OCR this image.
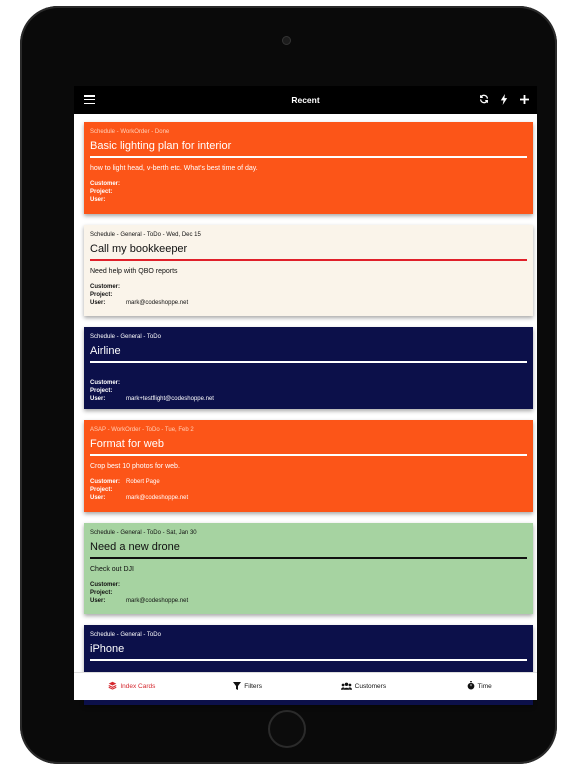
Recent
Schedule - WorkOrder - Done
Basic lighting plan for interior
how to light head, v-berth etc. What's best time of day.
Customer:
Project:
User:
Schedule - General - ToDo - Wed, Dec 15
Call my bookkeeper
Need help with QBO reports
Customer:
Project:
User:	mark@codeshoppe.net
Schedule - General - ToDo
Airline
Customer:
Project:
User:	mark+testflight@codeshoppe.net
ASAP - WorkOrder - ToDo - Tue, Feb 2
Format for web
Crop best 10 photos for web.
Customer: Robert Page
Project:
User:	mark@codeshoppe.net
Schedule - General - ToDo - Sat, Jan 30
Need a new drone
Check out DJI
Customer:
Project:
User:	mark@codeshoppe.net
Schedule - General - ToDo
iPhone
Index Cards	Filters	Customers	Time
